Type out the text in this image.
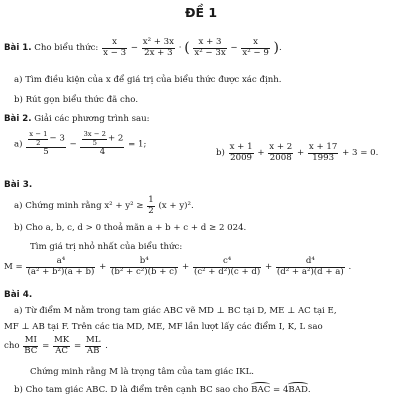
ĐỀ 1
Bài 1. Cho biểu thức: $\frac{x}{x - 3} - \frac{\text{x² + 3x}}{2x + 3}$ · ( $\frac{x + 3}{\text{x² − 3x}} - \frac{x}{\text{x² − 9}}$ ).
a) Tìm điều kiện của x để giá trị của biểu thức được xác định.
b) Rút gọn biểu thức đã cho.
Bài 2. Giải các phương trình sau:
$a) \frac{\frac{x - 1}{2} - 3}{5} - \frac{\frac{3x - 2}{5} + 2}{4} = 1$;
$b) \frac{x + 1}{2009} + \frac{x + 2}{2008} + \frac{x + 17}{1993} + 3 = 0$.
Bài 3.
a) Chứng minh rằng $x^2 + y^2 \ge \frac{1}{2} (x + y)^2$.
b) Cho a, b, c, d > 0 thoả mãn a + b + c + d ≥ 2 024.
Tìm giá trị nhỏ nhất của biểu thức:
$M = \frac{\text{a⁴}}{\text{(a² + b²)(a + b)}} + \frac{\text{b⁴}}{\text{(b² + c²)(b + c)}} + \frac{\text{c⁴}}{\text{(c² + d²)(c + d)}} + \frac{\text{d⁴}}{\text{(d² + a²)(d + a)}}$ .
Bài 4.
a) Từ điểm M nằm trong tam giác ABC vẽ MD ⊥ BC tại D, ME ⊥ AC tại E,
MF ⊥ AB tại F. Trên các tia MD, ME, MF lần lượt lấy các điểm I, K, L sao
cho $\frac{MI}{BC} = \frac{MK}{AC} = \frac{ML}{AB}$ .
Chứng minh rằng M là trọng tâm của tam giác IKL.
b) Cho tam giác ABC. D là điểm trên cạnh BC sao cho BAC = 4BAD.
